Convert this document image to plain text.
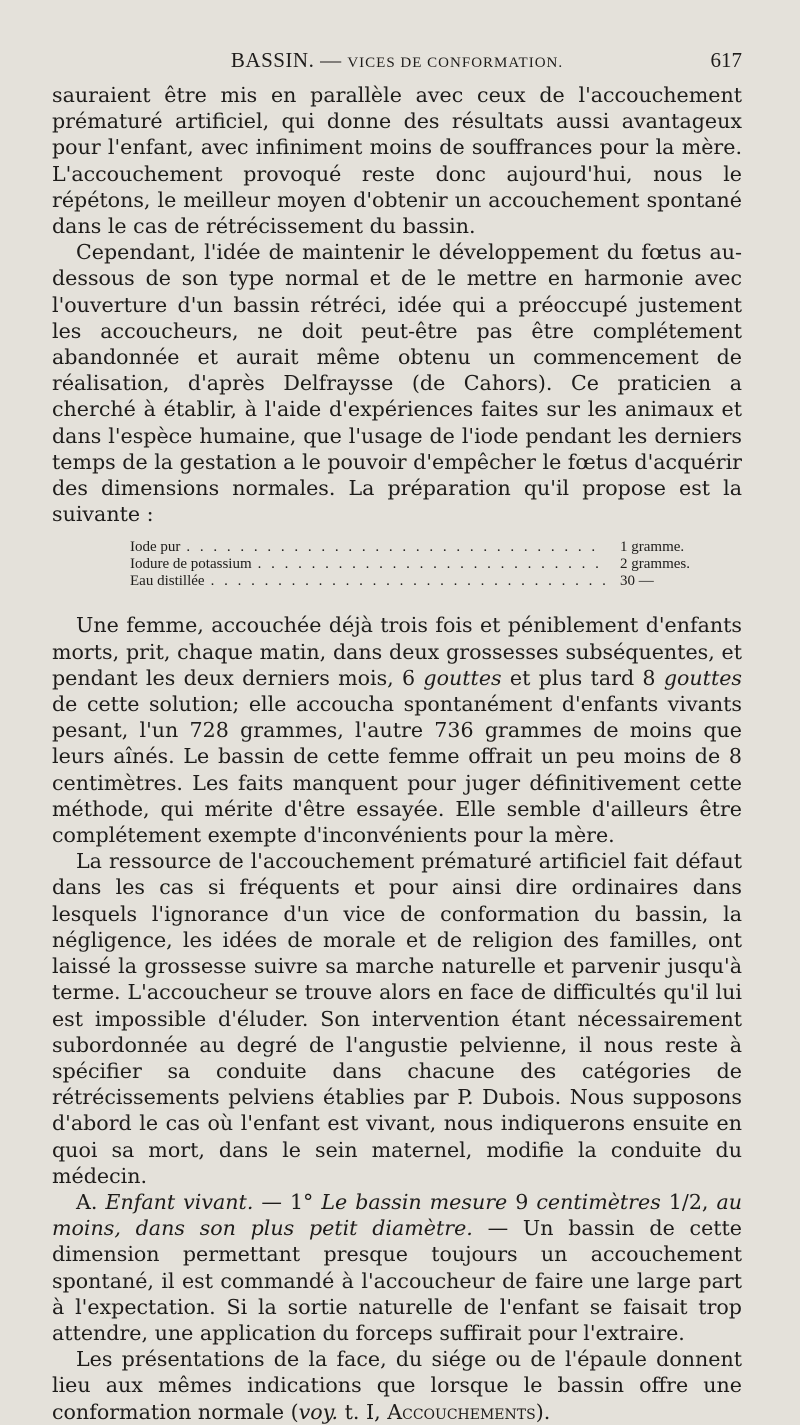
BASSIN. — VICES DE CONFORMATION.	617

sauraient être mis en parallèle avec ceux de l'accouchement prématuré artificiel, qui donne des résultats aussi avantageux pour l'enfant, avec infiniment moins de souffrances pour la mère. L'accouchement provoqué reste donc aujourd'hui, nous le répétons, le meilleur moyen d'obtenir un accouchement spontané dans le cas de rétrécissement du bassin.

Cependant, l'idée de maintenir le développement du fœtus au-dessous de son type normal et de le mettre en harmonie avec l'ouverture d'un bassin rétréci, idée qui a préoccupé justement les accoucheurs, ne doit peut-être pas être complétement abandonnée et aurait même obtenu un commencement de réalisation, d'après Delfraysse (de Cahors). Ce praticien a cherché à établir, à l'aide d'expériences faites sur les animaux et dans l'espèce humaine, que l'usage de l'iode pendant les derniers temps de la gestation a le pouvoir d'empêcher le fœtus d'acquérir des dimensions normales. La préparation qu'il propose est la suivante :

Iode pur . . . . . . . . . . . . . . . . . . . . . . . . . . . . . . .	1 gramme.
Iodure de potassium . . . . . . . . . . . . . . . . . . . . . . . . . .	2 grammes.
Eau distillée . . . . . . . . . . . . . . . . . . . . . . . . . . . . . . 30 —

Une femme, accouchée déjà trois fois et péniblement d'enfants morts, prit, chaque matin, dans deux grossesses subséquentes, et pendant les deux derniers mois, 6 gouttes et plus tard 8 gouttes de cette solution; elle accoucha spontanément d'enfants vivants pesant, l'un 728 grammes, l'autre 736 grammes de moins que leurs aînés. Le bassin de cette femme offrait un peu moins de 8 centimètres. Les faits manquent pour juger définitivement cette méthode, qui mérite d'être essayée. Elle semble d'ailleurs être complétement exempte d'inconvénients pour la mère.

La ressource de l'accouchement prématuré artificiel fait défaut dans les cas si fréquents et pour ainsi dire ordinaires dans lesquels l'ignorance d'un vice de conformation du bassin, la négligence, les idées de morale et de religion des familles, ont laissé la grossesse suivre sa marche naturelle et parvenir jusqu'à terme. L'accoucheur se trouve alors en face de difficultés qu'il lui est impossible d'éluder. Son intervention étant nécessairement subordonnée au degré de l'angustie pelvienne, il nous reste à spécifier sa conduite dans chacune des catégories de rétrécissements pelviens établies par P. Dubois. Nous supposons d'abord le cas où l'enfant est vivant, nous indiquerons ensuite en quoi sa mort, dans le sein maternel, modifie la conduite du médecin.

A. Enfant vivant. — 1° Le bassin mesure 9 centimètres 1/2, au moins, dans son plus petit diamètre. — Un bassin de cette dimension permettant presque toujours un accouchement spontané, il est commandé à l'accoucheur de faire une large part à l'expectation. Si la sortie naturelle de l'enfant se faisait trop attendre, une application du forceps suffirait pour l'extraire.

Les présentations de la face, du siége ou de l'épaule donnent lieu aux mêmes indications que lorsque le bassin offre une conformation normale (voy. t. I, Accouchements).
